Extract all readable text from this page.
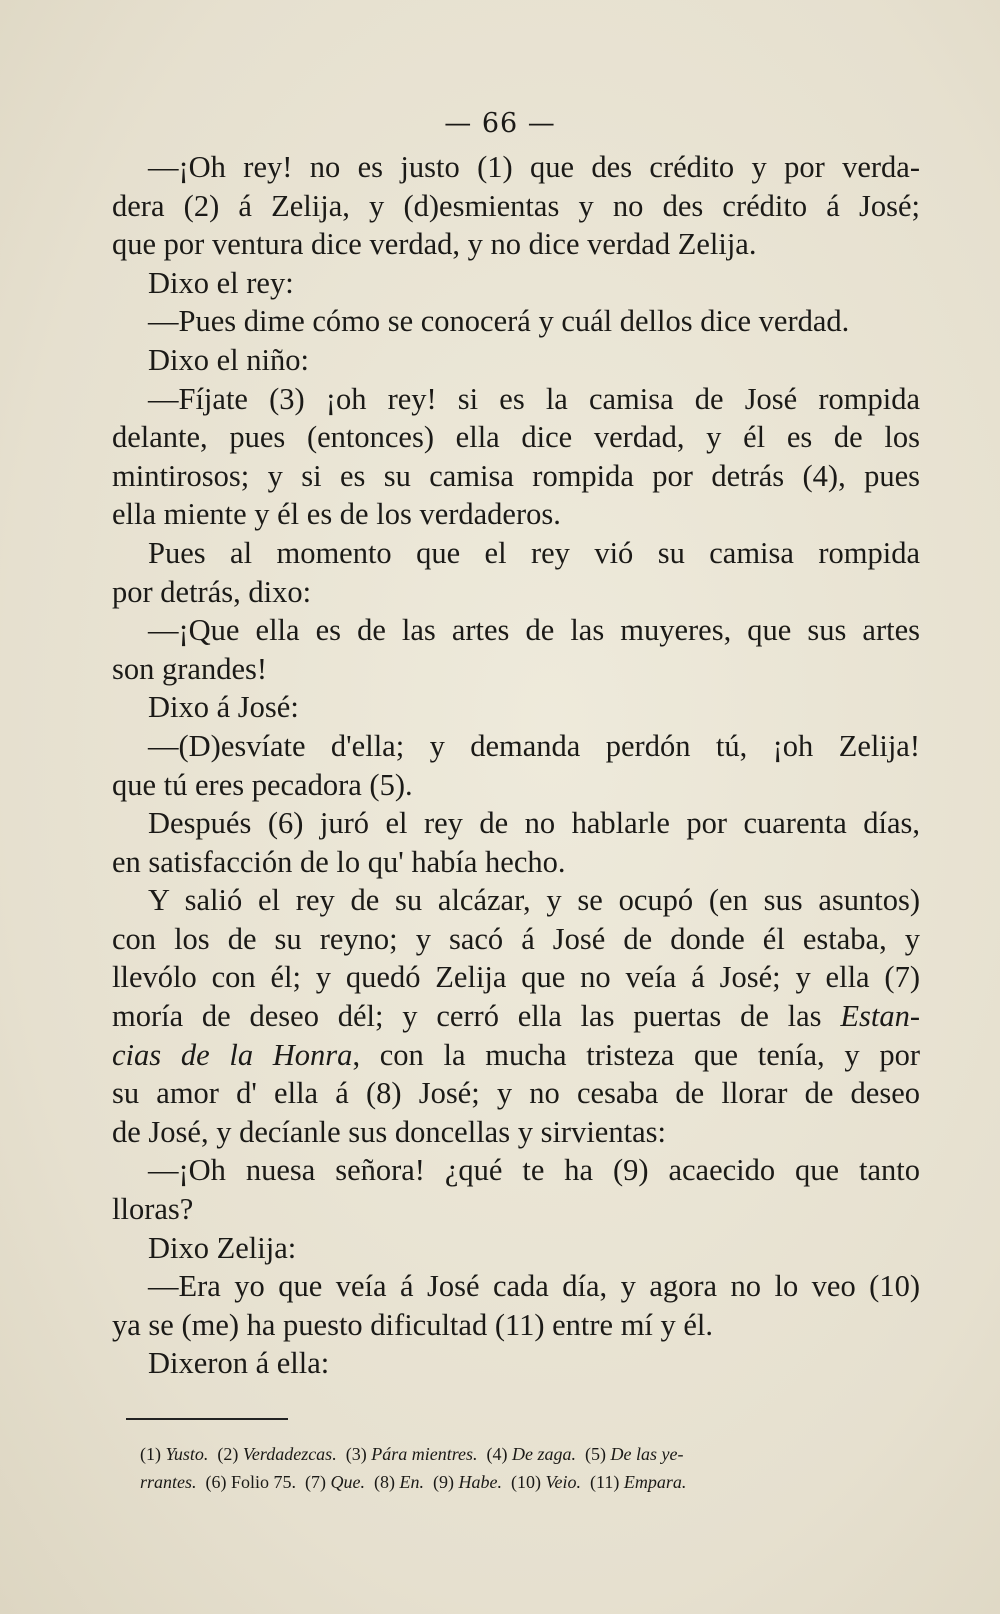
— 66 —
—¡Oh rey! no es justo (1) que des crédito y por verda-
dera (2) á Zelija, y (d)esmientas y no des crédito á José;
que por ventura dice verdad, y no dice verdad Zelija.
Dixo el rey:
—Pues dime cómo se conocerá y cuál dellos dice verdad.
Dixo el niño:
—Fíjate (3) ¡oh rey! si es la camisa de José rompida
delante, pues (entonces) ella dice verdad, y él es de los
mintirosos; y si es su camisa rompida por detrás (4), pues
ella miente y él es de los verdaderos.
Pues al momento que el rey vió su camisa rompida
por detrás, dixo:
—¡Que ella es de las artes de las muyeres, que sus artes
son grandes!
Dixo á José:
—(D)esvíate d'ella; y demanda perdón tú, ¡oh Zelija!
que tú eres pecadora (5).
Después (6) juró el rey de no hablarle por cuarenta días,
en satisfacción de lo qu' había hecho.
Y salió el rey de su alcázar, y se ocupó (en sus asuntos)
con los de su reyno; y sacó á José de donde él estaba, y
llevólo con él; y quedó Zelija que no veía á José; y ella (7)
moría de deseo dél; y cerró ella las puertas de las Estan-
cias de la Honra, con la mucha tristeza que tenía, y por
su amor d' ella á (8) José; y no cesaba de llorar de deseo
de José, y decíanle sus doncellas y sirvientas:
—¡Oh nuesa señora! ¿qué te ha (9) acaecido que tanto
lloras?
Dixo Zelija:
—Era yo que veía á José cada día, y agora no lo veo (10)
ya se (me) ha puesto dificultad (11) entre mí y él.
Dixeron á ella:
(1) Yusto. (2) Verdadezcas. (3) Pára mientres. (4) De zaga. (5) De las ye-
rrantes. (6) Folio 75. (7) Que. (8) En. (9) Habe. (10) Veio. (11) Empara.
